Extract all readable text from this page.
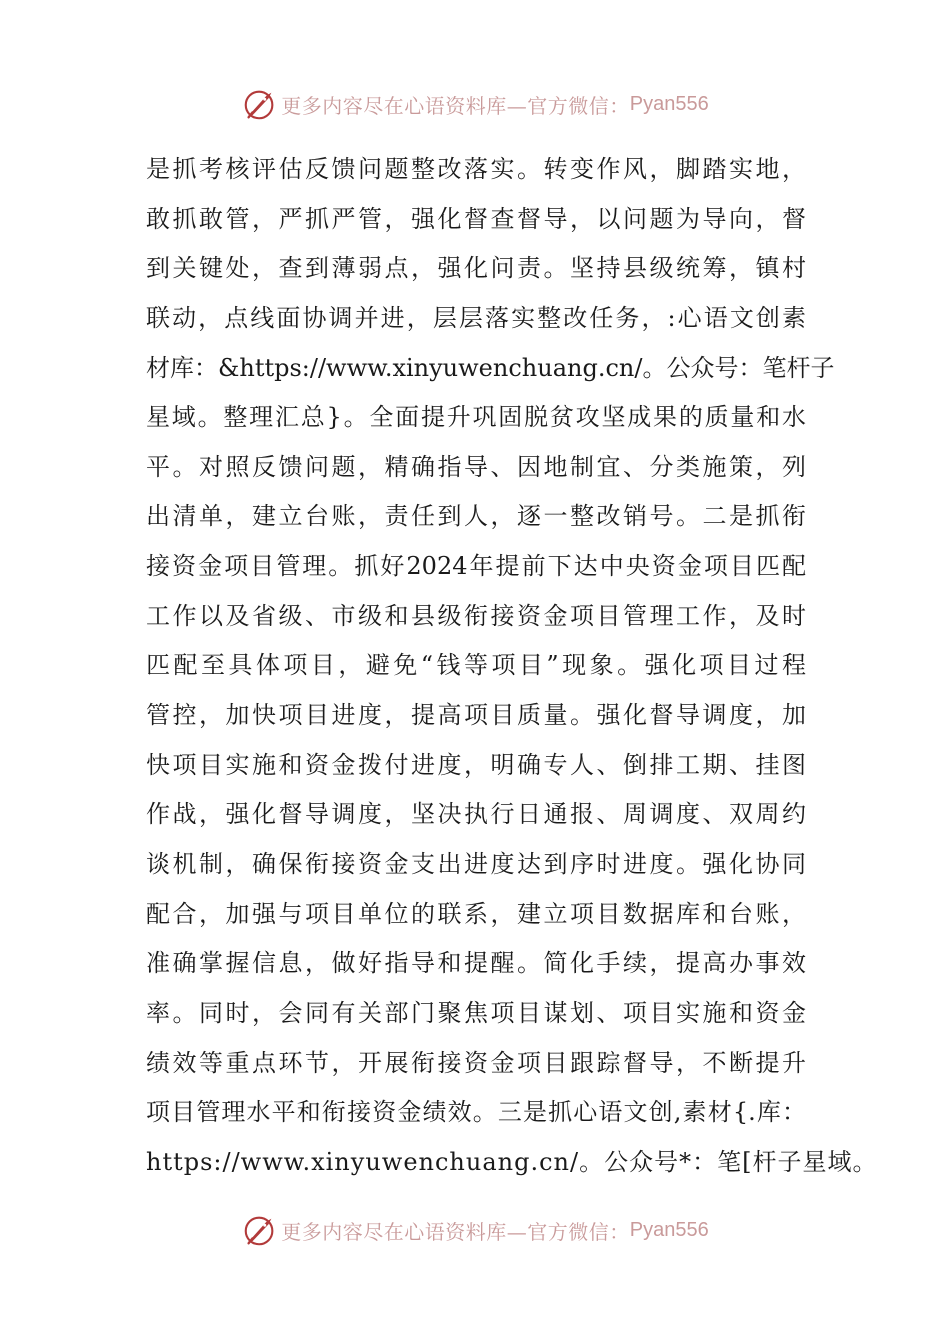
更多内容尽在心语资料库—官方微信： Pyan556
是抓考核评估反馈问题整改落实。转变作风，脚踏实地，
敢抓敢管，严抓严管，强化督查督导，以问题为导向，督
到关键处，查到薄弱点，强化问责。坚持县级统筹，镇村
联动，点线面协调并进，层层落实整改任务，:心语文创素
材库：&https://www.xinyuwenchuang.cn/。公众号：笔杆子
星域。整理汇总}。全面提升巩固脱贫攻坚成果的质量和水
平。对照反馈问题，精确指导、因地制宜、分类施策，列
出清单，建立台账，责任到人，逐一整改销号。二是抓衔
接资金项目管理。抓好2024年提前下达中央资金项目匹配
工作以及省级、市级和县级衔接资金项目管理工作，及时
匹配至具体项目，避免“钱等项目”现象。强化项目过程
管控，加快项目进度，提高项目质量。强化督导调度，加
快项目实施和资金拨付进度，明确专人、倒排工期、挂图
作战，强化督导调度，坚决执行日通报、周调度、双周约
谈机制，确保衔接资金支出进度达到序时进度。强化协同
配合，加强与项目单位的联系，建立项目数据库和台账，
准确掌握信息，做好指导和提醒。简化手续，提高办事效
率。同时，会同有关部门聚焦项目谋划、项目实施和资金
绩效等重点环节，开展衔接资金项目跟踪督导，不断提升
项目管理水平和衔接资金绩效。三是抓心语文创,素材{.库：
https://www.xinyuwenchuang.cn/。公众号*：笔[杆子星域。
更多内容尽在心语资料库—官方微信： Pyan556
